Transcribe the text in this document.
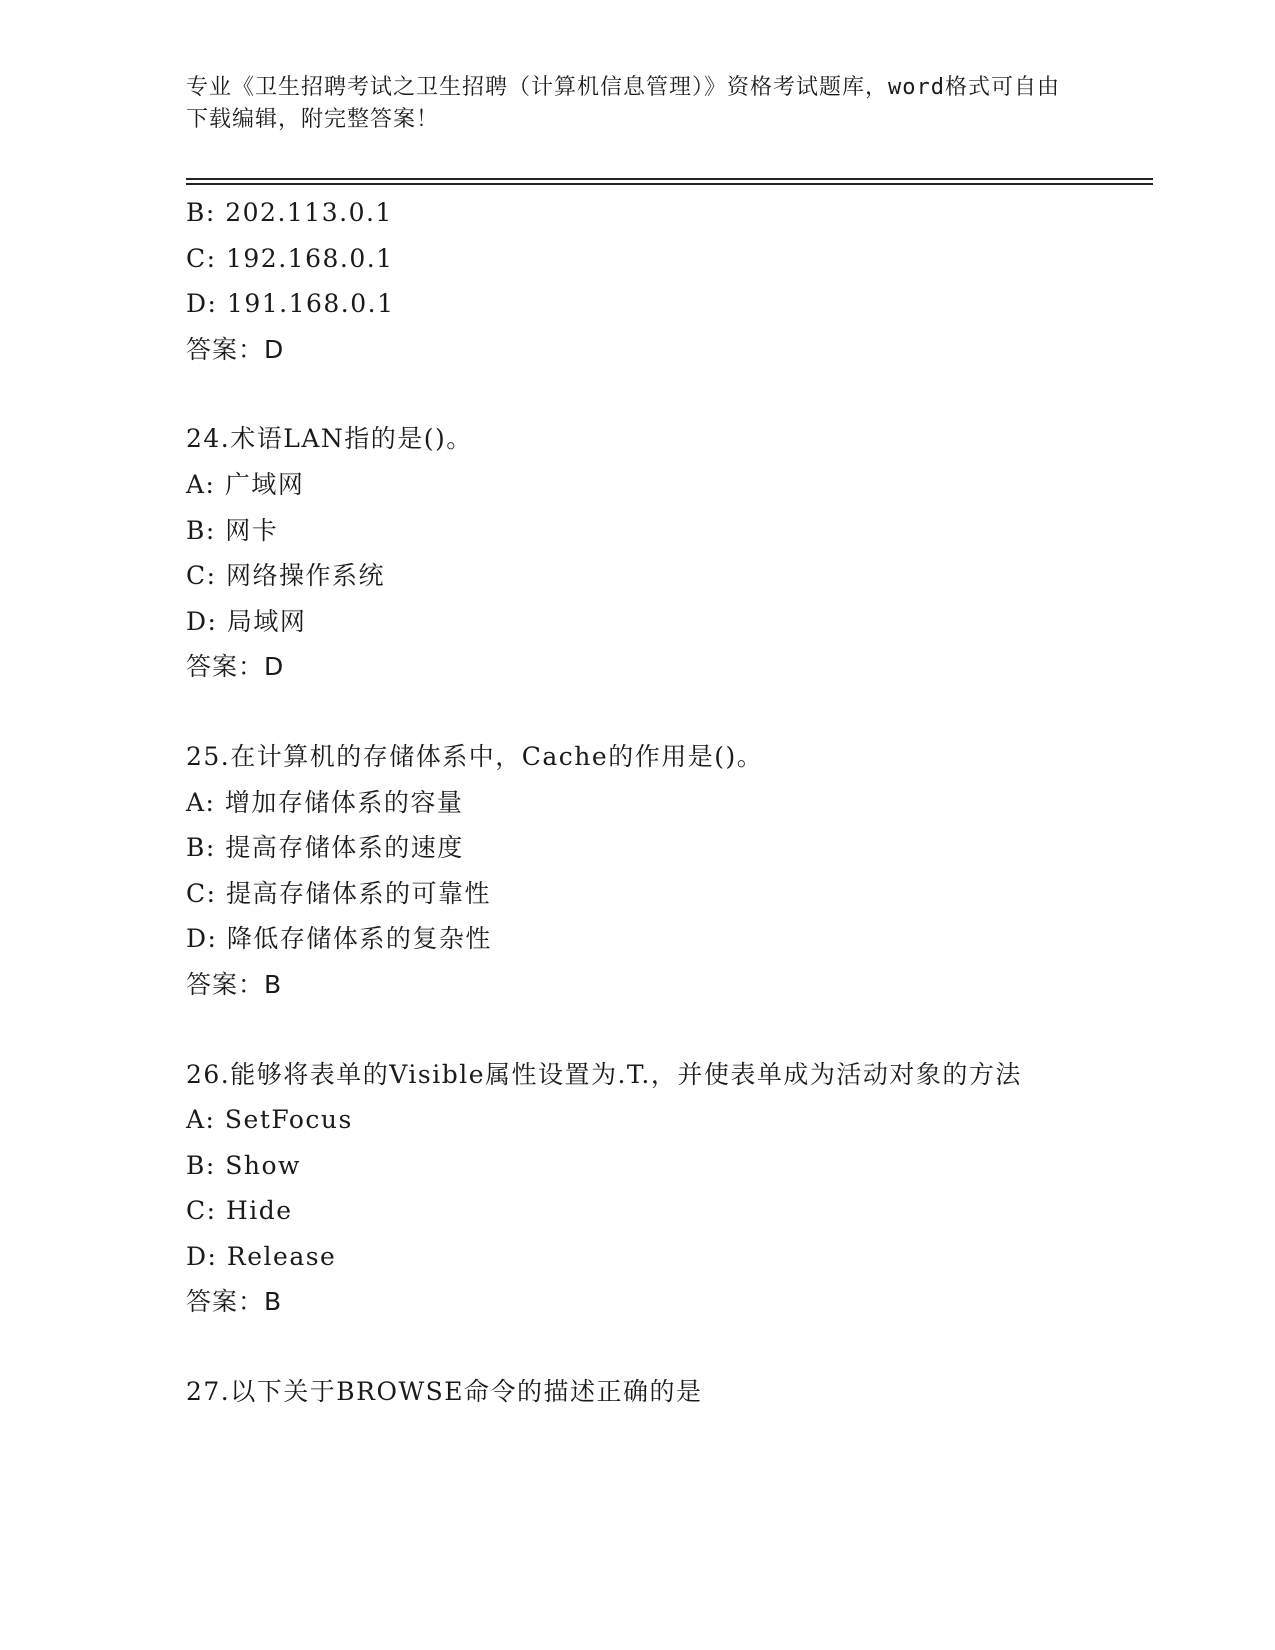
专业《卫生招聘考试之卫生招聘（计算机信息管理）》资格考试题库，word格式可自由下载编辑，附完整答案！
B: 202.113.0.1
C: 192.168.0.1
D: 191.168.0.1
答案：D
24.术语LAN指的是()。
A: 广域网
B: 网卡
C: 网络操作系统
D: 局域网
答案：D
25.在计算机的存储体系中，Cache的作用是()。
A: 增加存储体系的容量
B: 提高存储体系的速度
C: 提高存储体系的可靠性
D: 降低存储体系的复杂性
答案：B
26.能够将表单的Visible属性设置为.T.，并使表单成为活动对象的方法
A: SetFocus
B: Show
C: Hide
D: Release
答案：B
27.以下关于BROWSE命令的描述正确的是
